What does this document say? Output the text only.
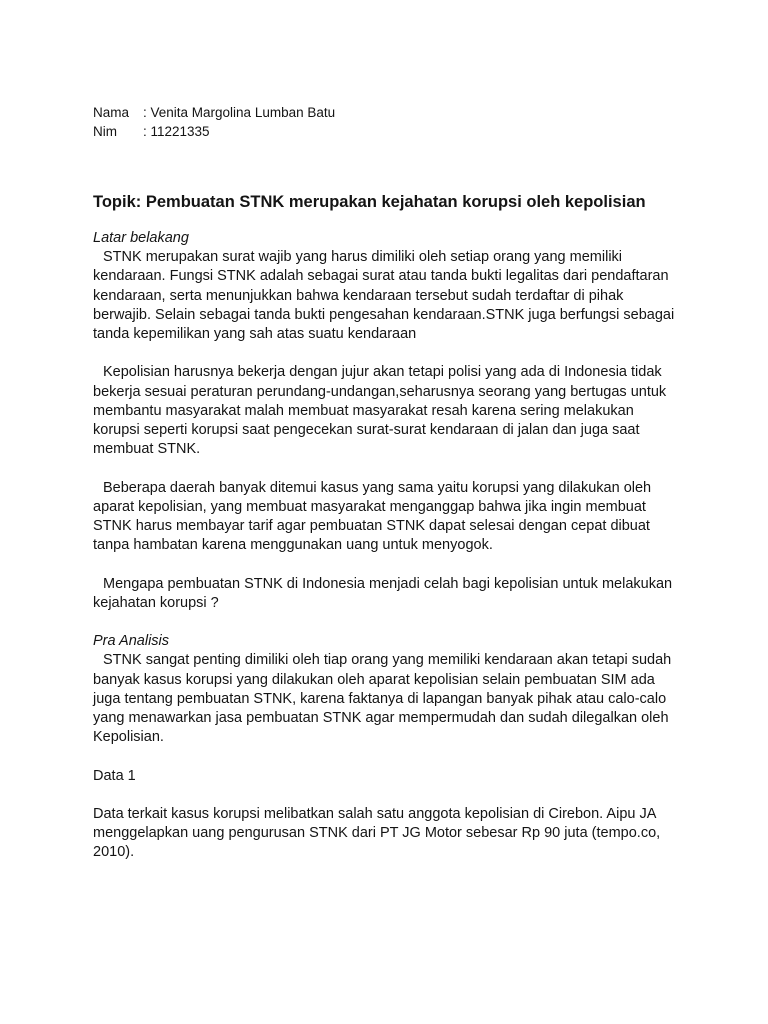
Nama : Venita Margolina Lumban Batu
Nim : 11221335
Topik: Pembuatan STNK merupakan kejahatan korupsi oleh kepolisian
Latar belakang

STNK merupakan surat wajib yang harus dimiliki oleh setiap orang yang memiliki kendaraan. Fungsi STNK adalah sebagai surat atau tanda bukti legalitas dari pendaftaran kendaraan, serta menunjukkan bahwa kendaraan tersebut sudah terdaftar di pihak berwajib. Selain sebagai tanda bukti pengesahan kendaraan.STNK juga berfungsi sebagai tanda kepemilikan yang sah atas suatu kendaraan

Kepolisian harusnya bekerja dengan jujur akan tetapi polisi yang ada di Indonesia tidak bekerja sesuai peraturan perundang-undangan,seharusnya seorang yang bertugas untuk membantu masyarakat malah membuat masyarakat resah karena sering melakukan korupsi seperti korupsi saat pengecekan surat-surat kendaraan di jalan dan juga saat membuat STNK.

Beberapa daerah banyak ditemui kasus yang sama yaitu korupsi yang dilakukan oleh aparat kepolisian, yang membuat masyarakat menganggap bahwa jika ingin membuat STNK harus membayar tarif agar pembuatan STNK dapat selesai dengan cepat dibuat tanpa hambatan karena menggunakan uang untuk menyogok.

Mengapa pembuatan STNK di Indonesia menjadi celah bagi kepolisian untuk melakukan kejahatan korupsi ?

Pra Analisis

STNK sangat penting dimiliki oleh tiap orang yang memiliki kendaraan akan tetapi sudah banyak kasus korupsi yang dilakukan oleh aparat kepolisian selain pembuatan SIM ada juga tentang pembuatan STNK, karena faktanya di lapangan banyak pihak atau calo-calo yang menawarkan jasa pembuatan STNK agar mempermudah dan sudah dilegalkan oleh Kepolisian.

Data 1

Data terkait kasus korupsi melibatkan salah satu anggota kepolisian di Cirebon. Aipu JA menggelapkan uang pengurusan STNK dari PT JG Motor sebesar Rp 90 juta (tempo.co, 2010).
